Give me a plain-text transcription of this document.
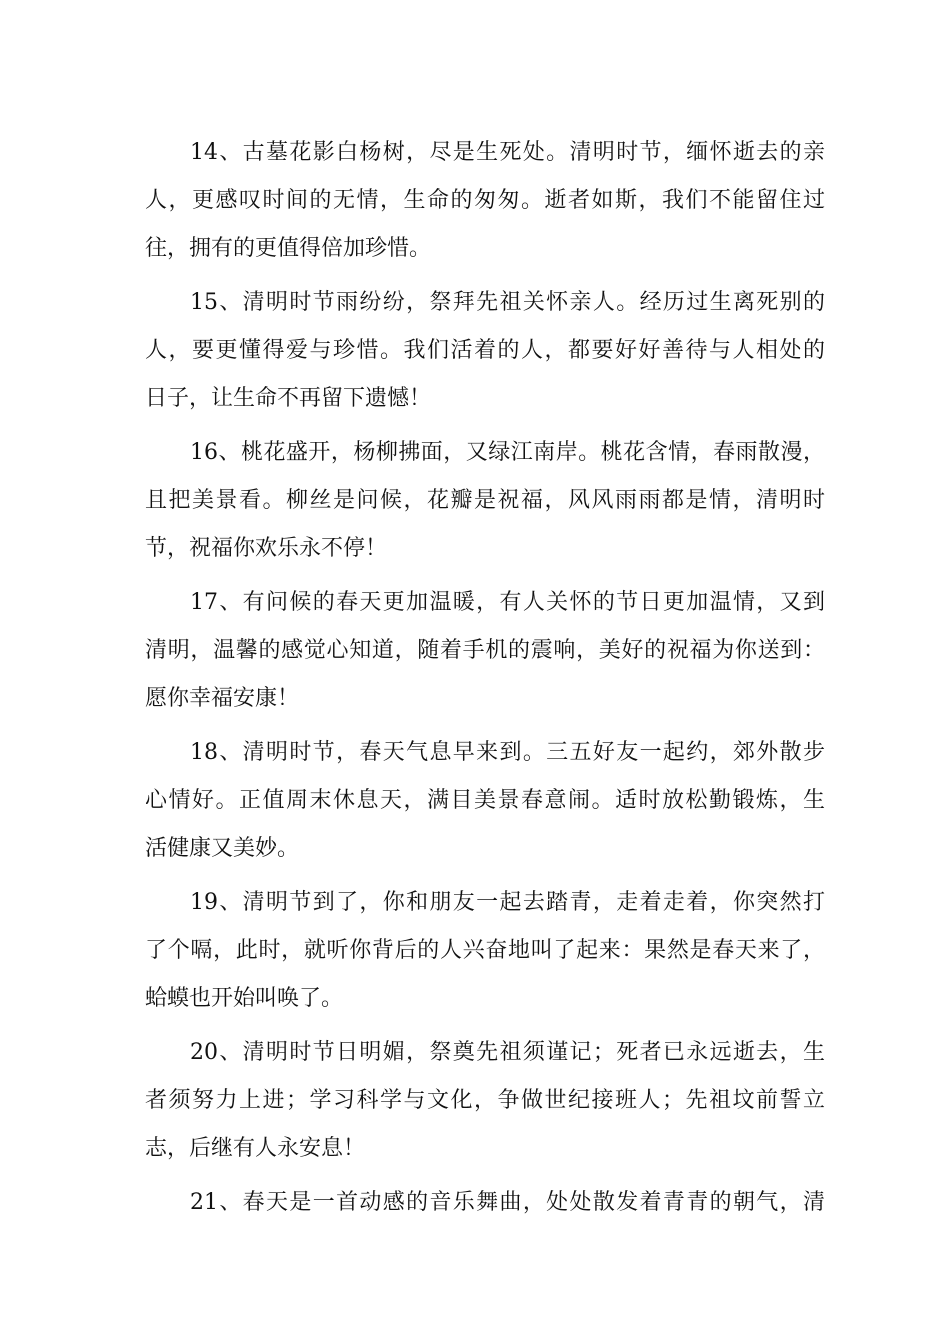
14、古墓花影白杨树，尽是生死处。清明时节，缅怀逝去的亲
人，更感叹时间的无情，生命的匆匆。逝者如斯，我们不能留住过
往，拥有的更值得倍加珍惜。
15、清明时节雨纷纷，祭拜先祖关怀亲人。经历过生离死别的
人，要更懂得爱与珍惜。我们活着的人，都要好好善待与人相处的
日子，让生命不再留下遗憾！
16、桃花盛开，杨柳拂面，又绿江南岸。桃花含情，春雨散漫，
且把美景看。柳丝是问候，花瓣是祝福，风风雨雨都是情，清明时
节，祝福你欢乐永不停！
17、有问候的春天更加温暖，有人关怀的节日更加温情，又到
清明，温馨的感觉心知道，随着手机的震响，美好的祝福为你送到：
愿你幸福安康！
18、清明时节，春天气息早来到。三五好友一起约，郊外散步
心情好。正值周末休息天，满目美景春意闹。适时放松勤锻炼，生
活健康又美妙。
19、清明节到了，你和朋友一起去踏青，走着走着，你突然打
了个嗝，此时，就听你背后的人兴奋地叫了起来：果然是春天来了，
蛤蟆也开始叫唤了。
20、清明时节日明媚，祭奠先祖须谨记；死者已永远逝去，生
者须努力上进；学习科学与文化，争做世纪接班人；先祖坟前誓立
志，后继有人永安息！
21、春天是一首动感的音乐舞曲，处处散发着青青的朝气，清
